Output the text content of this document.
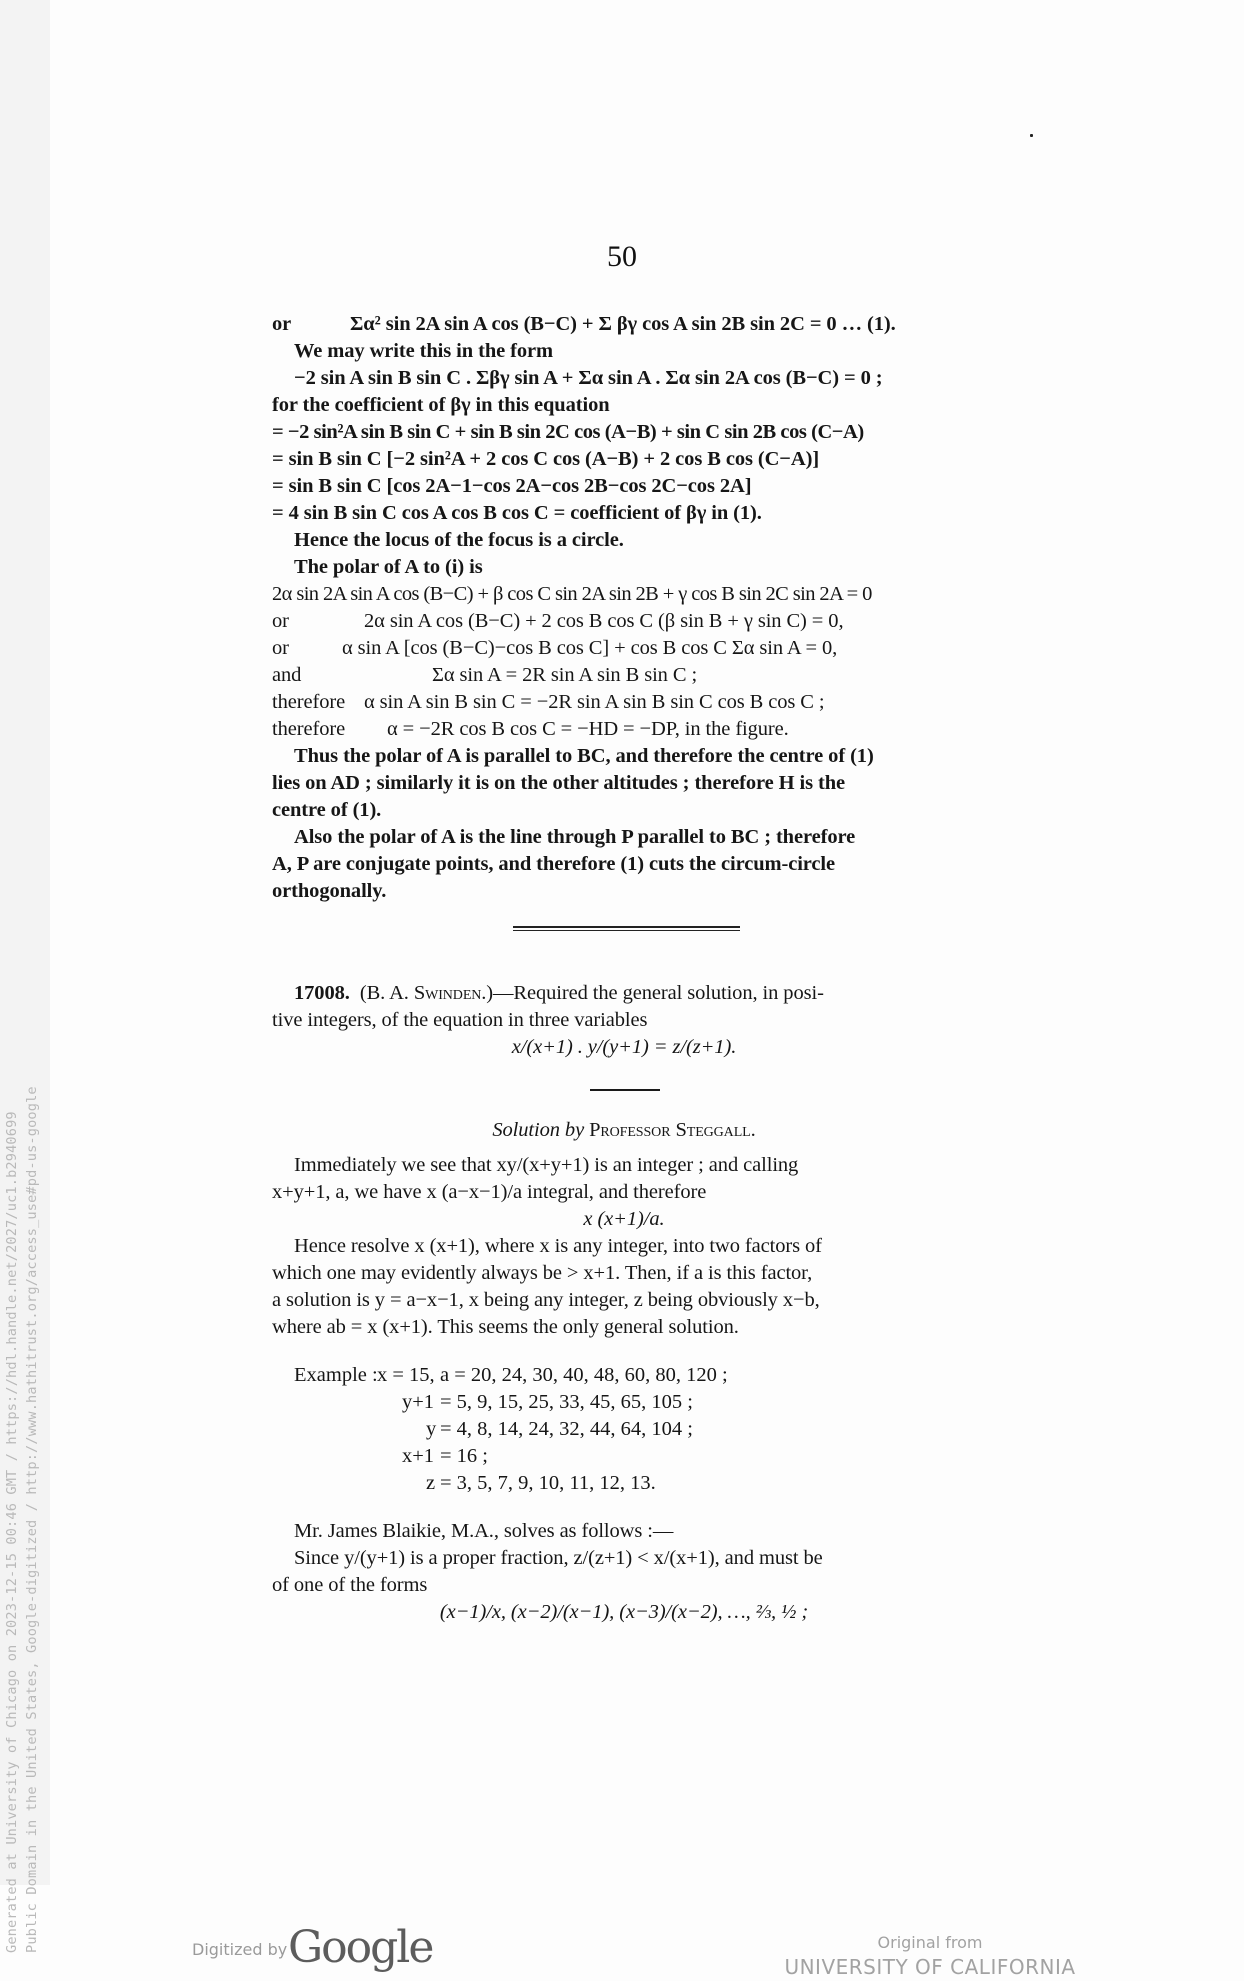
Generated at University of Chicago on 2023-12-15 00:46 GMT / https://hdl.handle.net/2027/uc1.b2940699 Public Domain in the United States, Google-digitized / http://www.hathitrust.org/access_use#pd-us-google
50
or	Σα² sin 2A sin A cos (B−C) + Σ βγ cos A sin 2B sin 2C = 0 … (1).
We may write this in the form
−2 sin A sin B sin C . Σβγ sin A + Σα sin A . Σα sin 2A cos (B−C) = 0 ;
for the coefficient of βγ in this equation
= −2 sin²A sin B sin C + sin B sin 2C cos (A−B) + sin C sin 2B cos (C−A)
= sin B sin C [−2 sin²A + 2 cos C cos (A−B) + 2 cos B cos (C−A)]
= sin B sin C [cos 2A−1−cos 2A−cos 2B−cos 2C−cos 2A]
= 4 sin B sin C cos A cos B cos C = coefficient of βγ in (1).
Hence the locus of the focus is a circle.
The polar of A to (i) is
2α sin 2A sin A cos (B−C) + β cos C sin 2A sin 2B + γ cos B sin 2C sin 2A = 0
or	2α sin A cos (B−C) + 2 cos B cos C (β sin B + γ sin C) = 0,
or	α sin A [cos (B−C)−cos B cos C] + cos B cos C Σα sin A = 0,
and	Σα sin A = 2R sin A sin B sin C ;
therefore α sin A sin B sin C = −2R sin A sin B sin C cos B cos C ;
therefore α = −2R cos B cos C = −HD = −DP, in the figure.
Thus the polar of A is parallel to BC, and therefore the centre of (1)
lies on AD ; similarly it is on the other altitudes ; therefore H is the
centre of (1).
Also the polar of A is the line through P parallel to BC ; therefore
A, P are conjugate points, and therefore (1) cuts the circum-circle
orthogonally.
17008. (B. A. Swinden.)—Required the general solution, in posi-
tive integers, of the equation in three variables
x/(x+1) . y/(y+1) = z/(z+1).
Solution by Professor Steggall.
Immediately we see that xy/(x+y+1) is an integer ; and calling
x+y+1, a, we have x (a−x−1)/a integral, and therefore
x (x+1)/a.
Hence resolve x (x+1), where x is any integer, into two factors of
which one may evidently always be > x+1. Then, if a is this factor,
a solution is y = a−x−1, x being any integer, z being obviously x−b,
where ab = x (x+1). This seems the only general solution.
Example : x = 15, a = 20, 24, 30, 40, 48, 60, 80, 120 ;
y+1 = 5, 9, 15, 25, 33, 45, 65, 105 ;
y = 4, 8, 14, 24, 32, 44, 64, 104 ;
x+1 = 16 ;
z = 3, 5, 7, 9, 10, 11, 12, 13.
Mr. James Blaikie, M.A., solves as follows :—
Since y/(y+1) is a proper fraction, z/(z+1) < x/(x+1), and must be
of one of the forms
(x−1)/x, (x−2)/(x−1), (x−3)/(x−2), …, ⅔, ½ ;
Digitized by Google	Original from
UNIVERSITY OF CALIFORNIA
